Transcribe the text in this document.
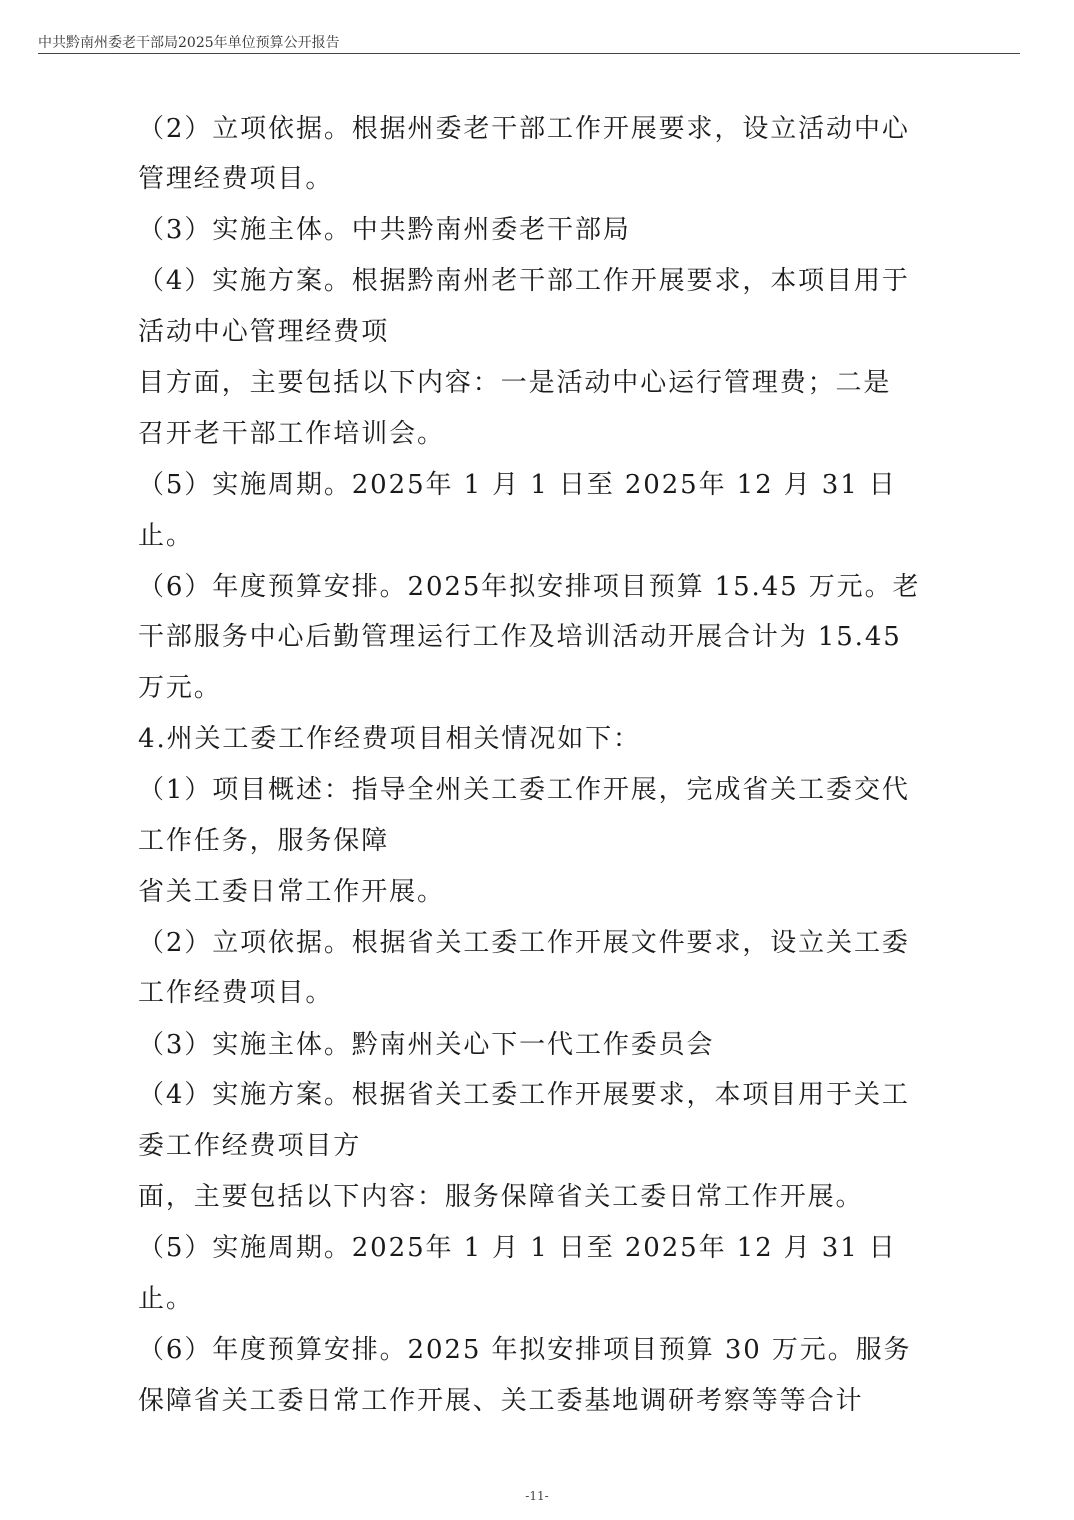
中共黔南州委老干部局2025年单位预算公开报告

（2）立项依据。根据州委老干部工作开展要求，设立活动中心

管理经费项目。

（3）实施主体。中共黔南州委老干部局

（4）实施方案。根据黔南州老干部工作开展要求，本项目用于

活动中心管理经费项

目方面，主要包括以下内容：一是活动中心运行管理费；二是

召开老干部工作培训会。

（5）实施周期。2025年 1 月 1 日至 2025年 12 月 31 日

止。

（6）年度预算安排。2025年拟安排项目预算 15.45 万元。老

干部服务中心后勤管理运行工作及培训活动开展合计为 15.45

万元。

4.州关工委工作经费项目相关情况如下：

（1）项目概述：指导全州关工委工作开展，完成省关工委交代

工作任务，服务保障

省关工委日常工作开展。

（2）立项依据。根据省关工委工作开展文件要求，设立关工委

工作经费项目。

（3）实施主体。黔南州关心下一代工作委员会

（4）实施方案。根据省关工委工作开展要求，本项目用于关工

委工作经费项目方

面，主要包括以下内容：服务保障省关工委日常工作开展。

（5）实施周期。2025年 1 月 1 日至 2025年 12 月 31 日

止。

（6）年度预算安排。2025 年拟安排项目预算 30 万元。服务

保障省关工委日常工作开展、关工委基地调研考察等等合计

-11-
